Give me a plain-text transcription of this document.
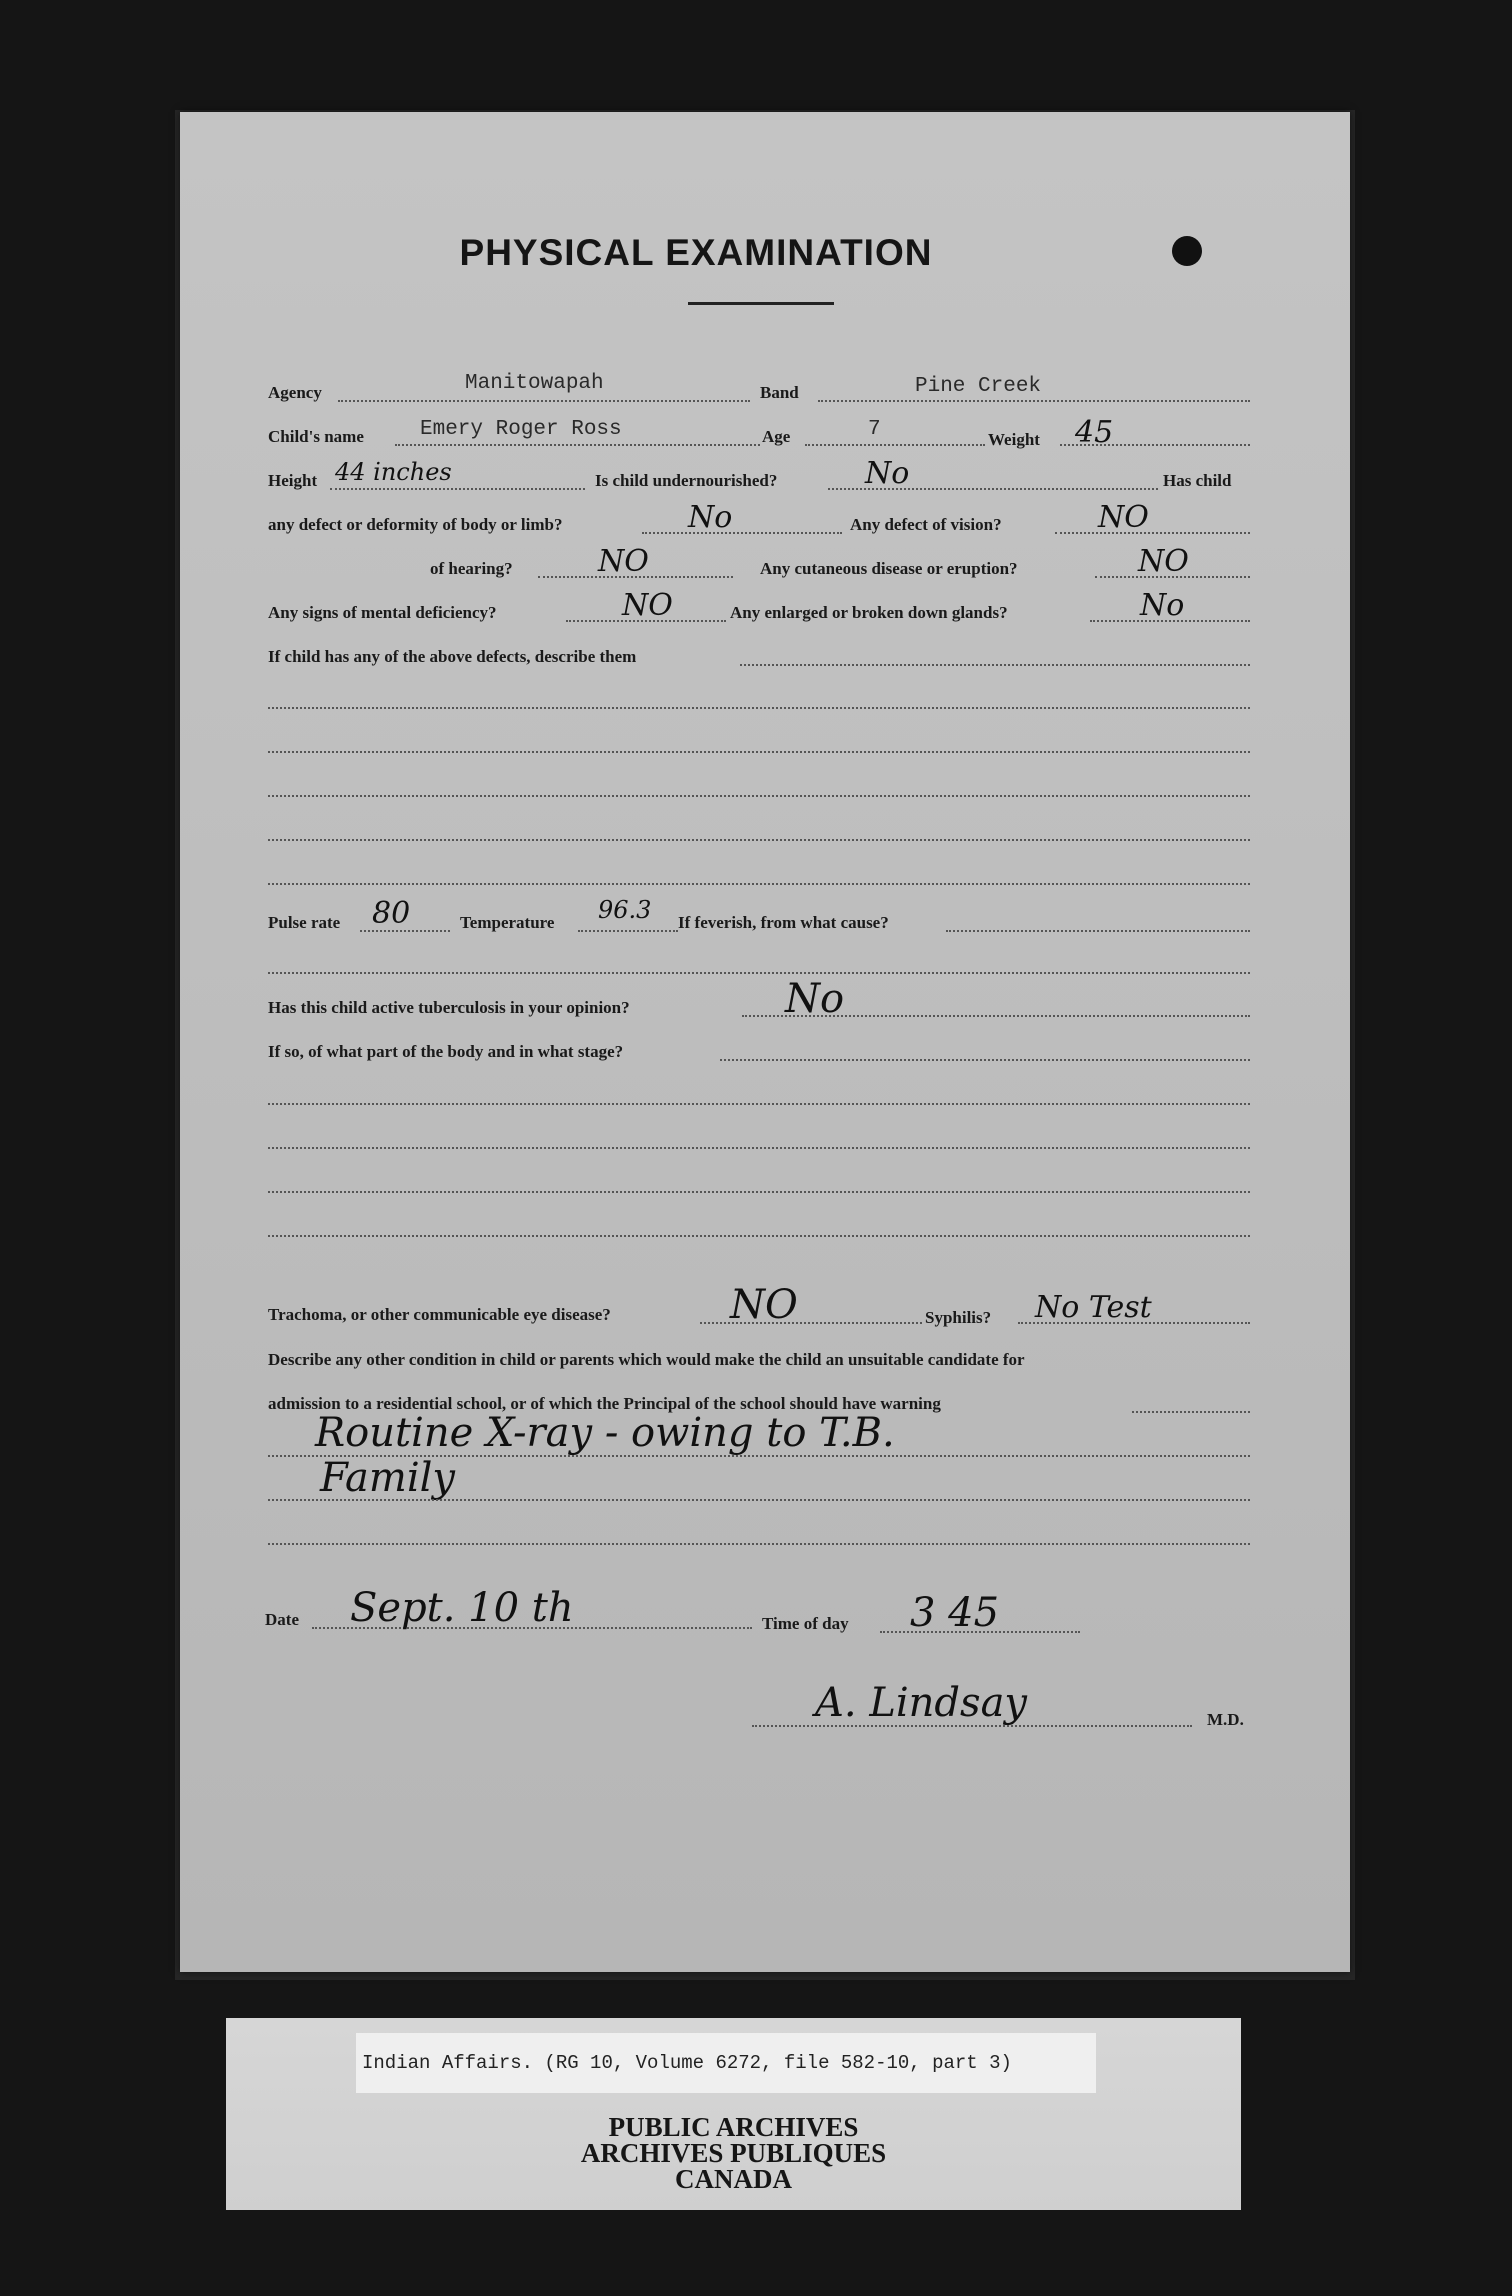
PHYSICAL EXAMINATION
Agency	Manitowapah	Band	Pine Creek
Child's name	Emery Roger Ross	Age	7	Weight 45
Height 44 inches	Is child undernourished?	No	Has child
any defect or deformity of body or limb?	No	Any defect of vision?	NO
of hearing?	NO	Any cutaneous disease or eruption?	NO
Any signs of mental deficiency?	NO	Any enlarged or broken down glands?	No
If child has any of the above defects, describe them
Pulse rate 80	Temperature 96.3 If feverish, from what cause?
Has this child active tuberculosis in your opinion?	No
If so, of what part of the body and in what stage?
Trachoma, or other communicable eye disease?	NO	Syphilis? No Test
Describe any other condition in child or parents which would make the child an unsuitable candidate for
admission to a residential school, or of which the Principal of the school should have warning
Routine X-ray - owing to T.B.
Family
Date Sept. 10 th	Time of day 3 45
A. Lindsay	M.D.
PUBLIC ARCHIVES
ARCHIVES PUBLIQUES
CANADA
Indian Affairs. (RG 10, Volume 6272, file 582-10, part 3)
